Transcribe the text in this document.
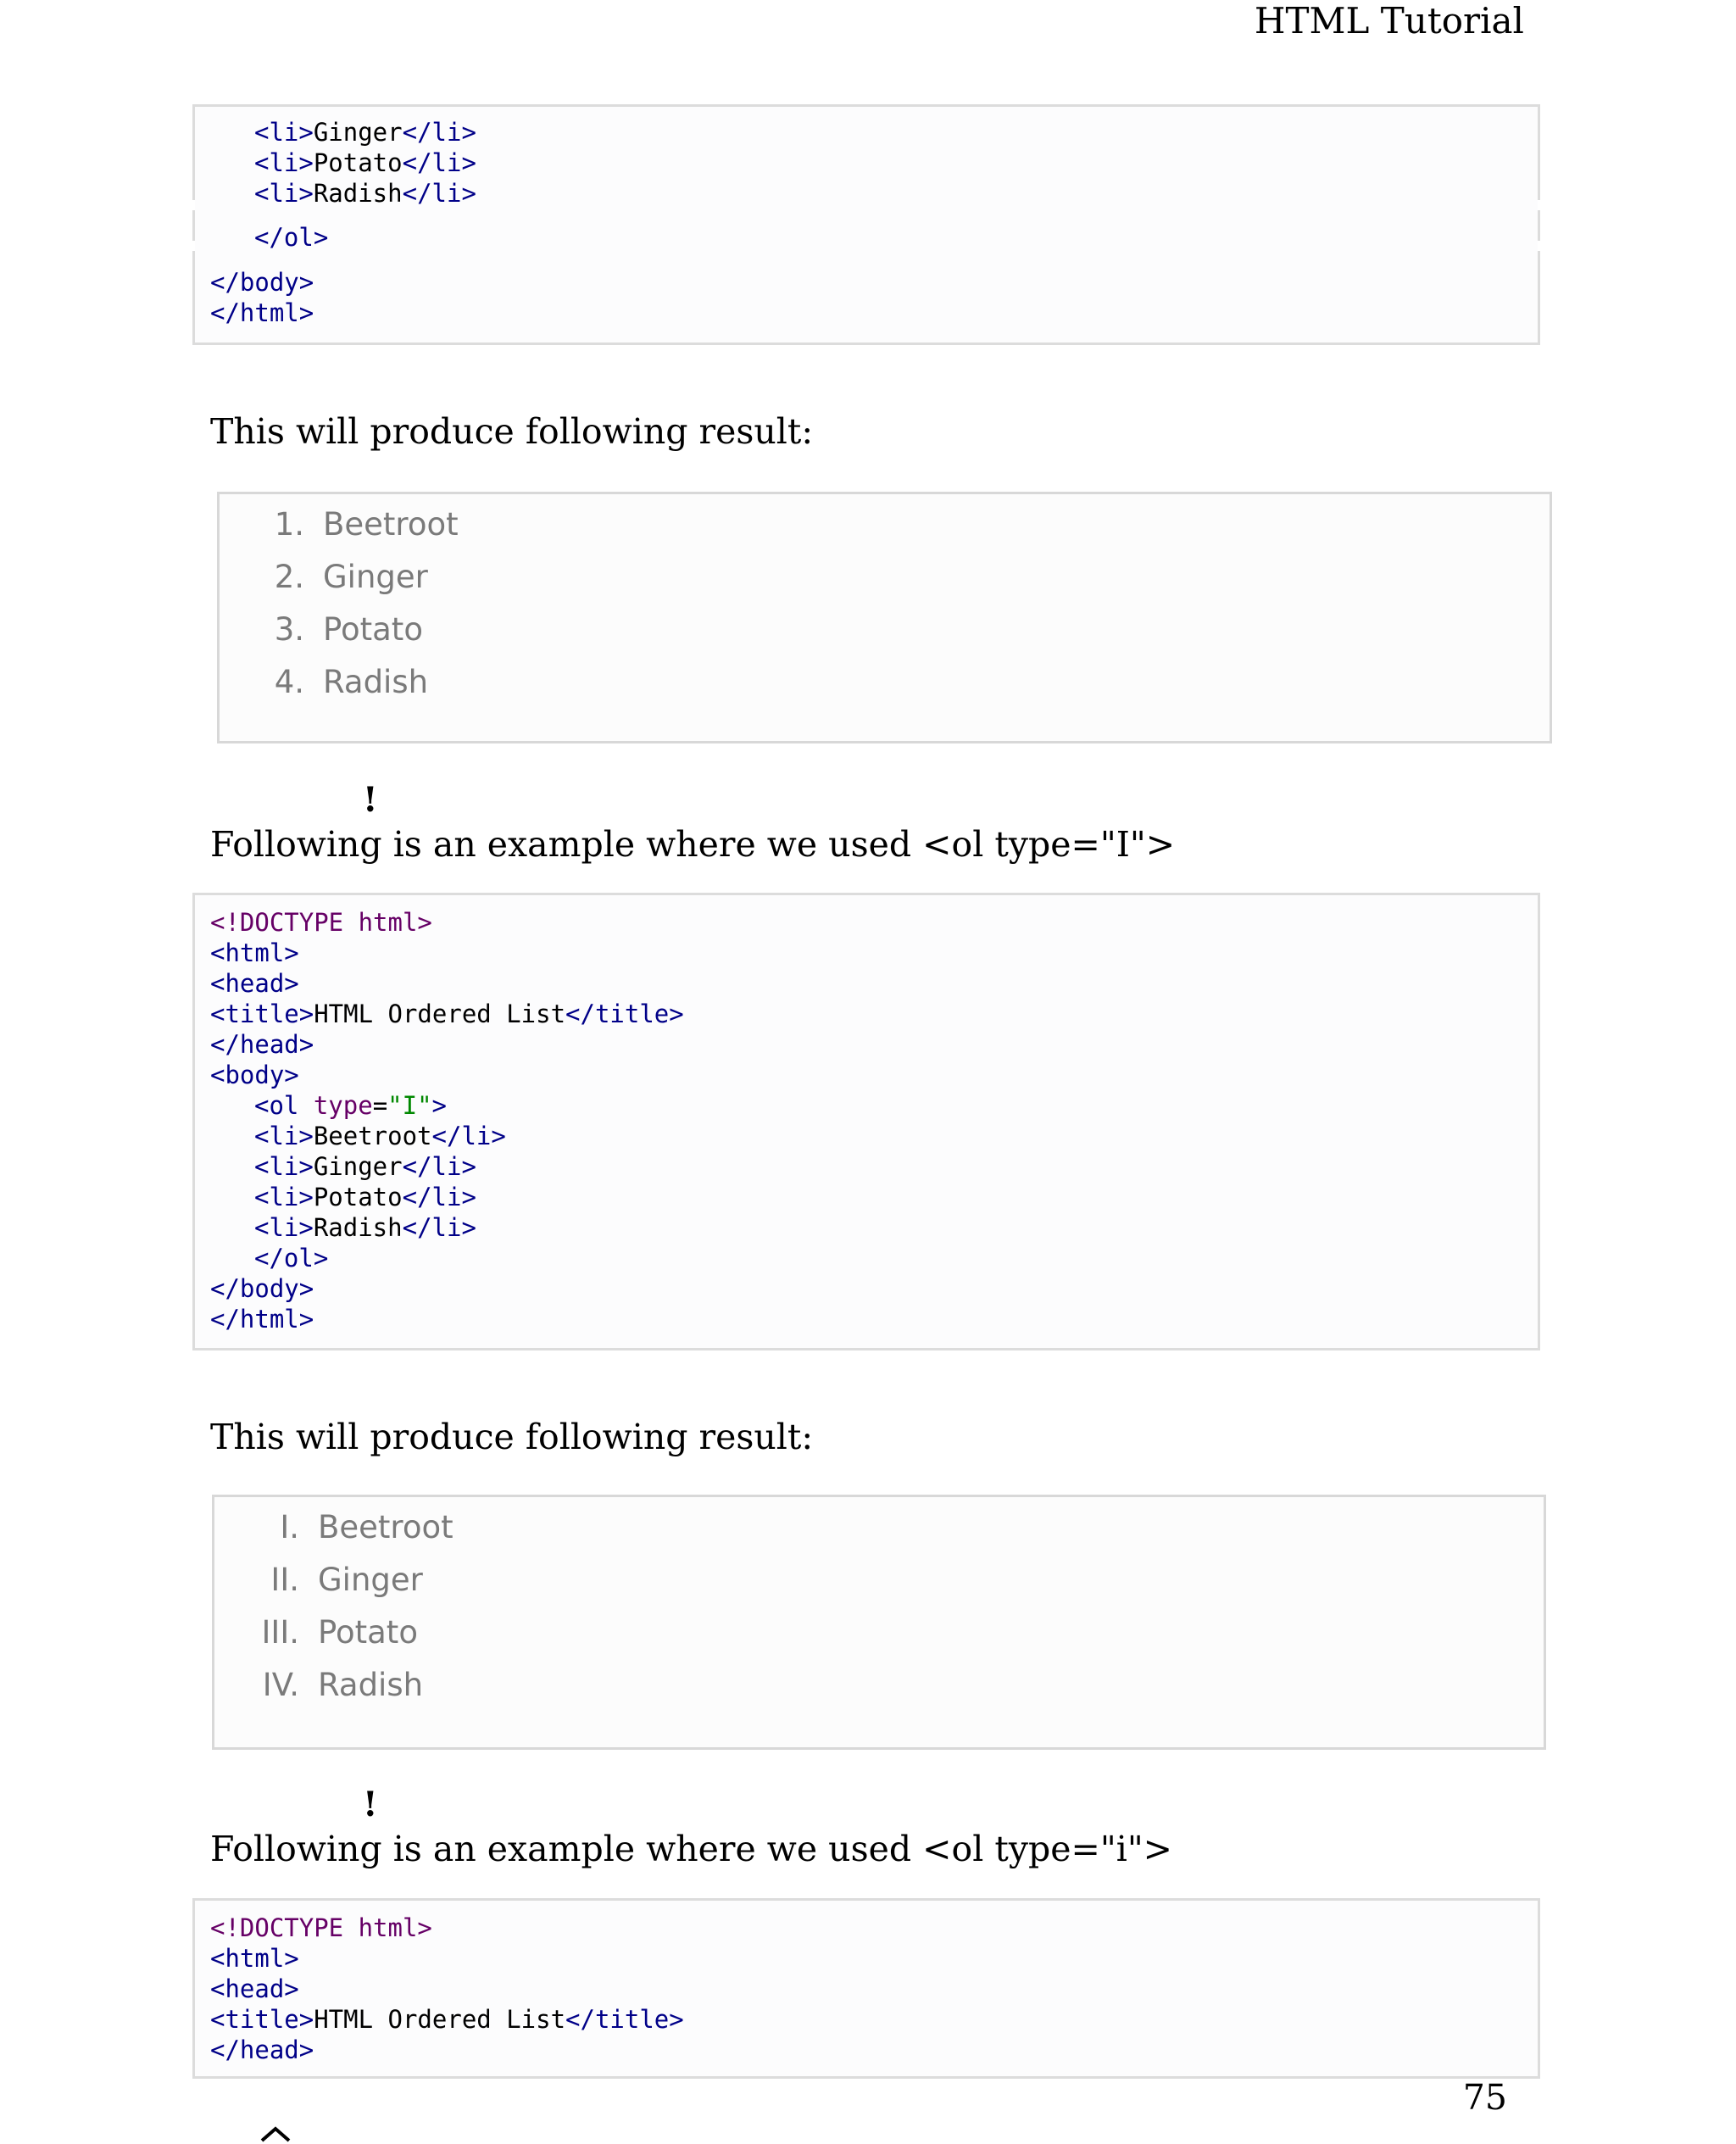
HTML Tutorial
<li>Ginger</li>
<li>Potato</li>
<li>Radish</li>
</ol>
</body>
</html>
This will produce following result:
1. Beetroot
2. Ginger
3. Potato
4. Radish
!
Following is an example where we used <ol type="I">
<!DOCTYPE html>
<html>
<head>
<title>HTML Ordered List</title>
</head>
<body>
<ol type="I">
<li>Beetroot</li>
<li>Ginger</li>
<li>Potato</li>
<li>Radish</li>
</ol>
</body>
</html>
This will produce following result:
I. Beetroot
II. Ginger
III. Potato
IV. Radish
!
Following is an example where we used <ol type="i">
<!DOCTYPE html>
<html>
<head>
<title>HTML Ordered List</title>
</head>
75
